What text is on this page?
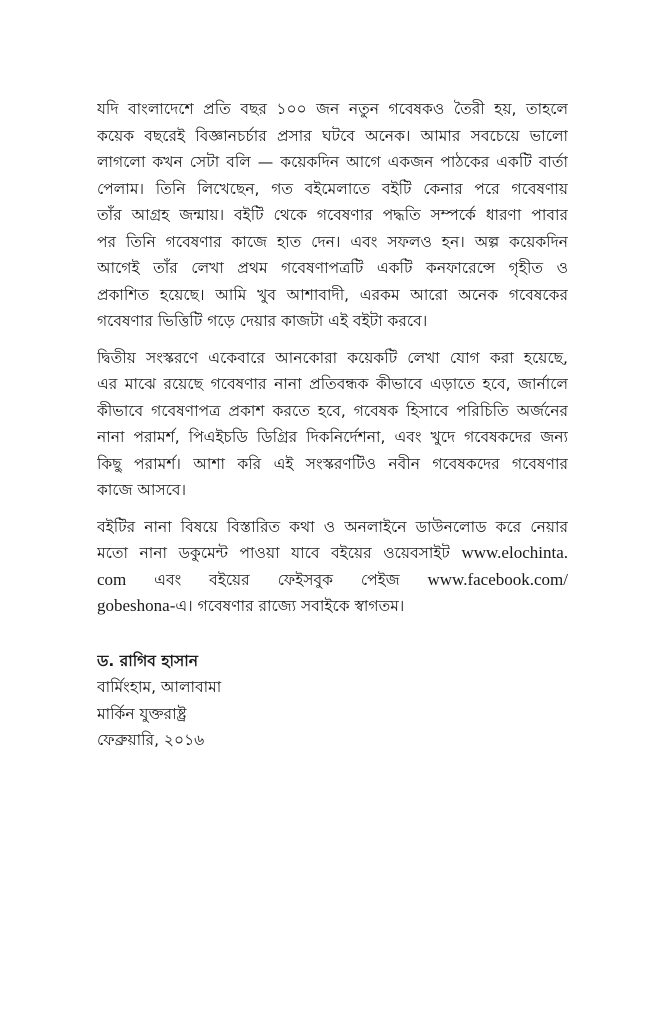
যদি বাংলাদেশে প্রতি বছর ১০০ জন নতুন গবেষকও তৈরী হয়, তাহলে
কয়েক বছরেই বিজ্ঞানচর্চার প্রসার ঘটবে অনেক। আমার সবচেয়ে ভালো
লাগলো কখন সেটা বলি — কয়েকদিন আগে একজন পাঠকের একটি বার্তা
পেলাম। তিনি লিখেছেন, গত বইমেলাতে বইটি কেনার পরে গবেষণায়
তাঁর আগ্রহ জন্মায়। বইটি থেকে গবেষণার পদ্ধতি সম্পর্কে ধারণা পাবার
পর তিনি গবেষণার কাজে হাত দেন। এবং সফলও হন। অল্প কয়েকদিন
আগেই তাঁর লেখা প্রথম গবেষণাপত্রটি একটি কনফারেন্সে গৃহীত ও
প্রকাশিত হয়েছে। আমি খুব আশাবাদী, এরকম আরো অনেক গবেষকের
গবেষণার ভিত্তিটি গড়ে দেয়ার কাজটা এই বইটা করবে।
দ্বিতীয় সংস্করণে একেবারে আনকোরা কয়েকটি লেখা যোগ করা হয়েছে,
এর মাঝে রয়েছে গবেষণার নানা প্রতিবন্ধক কীভাবে এড়াতে হবে, জার্নালে
কীভাবে গবেষণাপত্র প্রকাশ করতে হবে, গবেষক হিসাবে পরিচিতি অর্জনের
নানা পরামর্শ, পিএইচডি ডিগ্রির দিকনির্দেশনা, এবং খুদে গবেষকদের জন্য
কিছু পরামর্শ। আশা করি এই সংস্করণটিও নবীন গবেষকদের গবেষণার
কাজে আসবে।
বইটির নানা বিষয়ে বিস্তারিত কথা ও অনলাইনে ডাউনলোড করে নেয়ার
মতো নানা ডকুমেন্ট পাওয়া যাবে বইয়ের ওয়েবসাইট www.elochinta.
com এবং বইয়ের ফেইসবুক পেইজ www.facebook.com/
gobeshona-এ। গবেষণার রাজ্যে সবাইকে স্বাগতম।
ড. রাগিব হাসান
বার্মিংহাম, আলাবামা
মার্কিন যুক্তরাষ্ট্র
ফেব্রুয়ারি, ২০১৬
